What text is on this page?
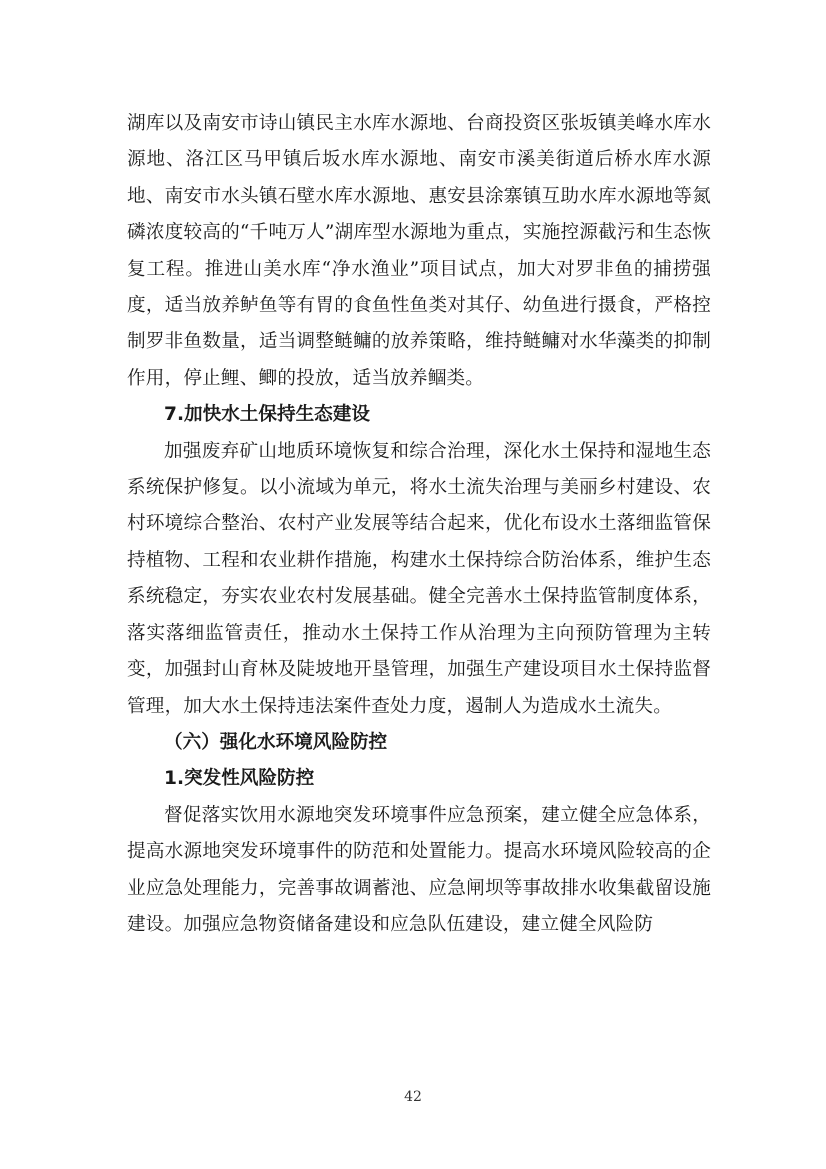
湖库以及南安市诗山镇民主水库水源地、台商投资区张坂镇美峰水库水源地、洛江区马甲镇后坂水库水源地、南安市溪美街道后桥水库水源地、南安市水头镇石壁水库水源地、惠安县涂寨镇互助水库水源地等氮磷浓度较高的“千吨万人”湖库型水源地为重点，实施控源截污和生态恢复工程。推进山美水库“净水渔业”项目试点，加大对罗非鱼的捕捞强度，适当放养鲈鱼等有胃的食鱼性鱼类对其仔、幼鱼进行摄食，严格控制罗非鱼数量，适当调整鲢鳙的放养策略，维持鲢鳙对水华藻类的抑制作用，停止鲤、鲫的投放，适当放养鲴类。

7.加快水土保持生态建设

加强废弃矿山地质环境恢复和综合治理，深化水土保持和湿地生态系统保护修复。以小流域为单元，将水土流失治理与美丽乡村建设、农村环境综合整治、农村产业发展等结合起来，优化布设水土落细监管保持植物、工程和农业耕作措施，构建水土保持综合防治体系，维护生态系统稳定，夯实农业农村发展基础。健全完善水土保持监管制度体系，落实落细监管责任，推动水土保持工作从治理为主向预防管理为主转变，加强封山育林及陡坡地开垦管理，加强生产建设项目水土保持监督管理，加大水土保持违法案件查处力度，遏制人为造成水土流失。

（六）强化水环境风险防控

1.突发性风险防控

督促落实饮用水源地突发环境事件应急预案，建立健全应急体系，提高水源地突发环境事件的防范和处置能力。提高水环境风险较高的企业应急处理能力，完善事故调蓄池、应急闸坝等事故排水收集截留设施建设。加强应急物资储备建设和应急队伍建设，建立健全风险防

42
